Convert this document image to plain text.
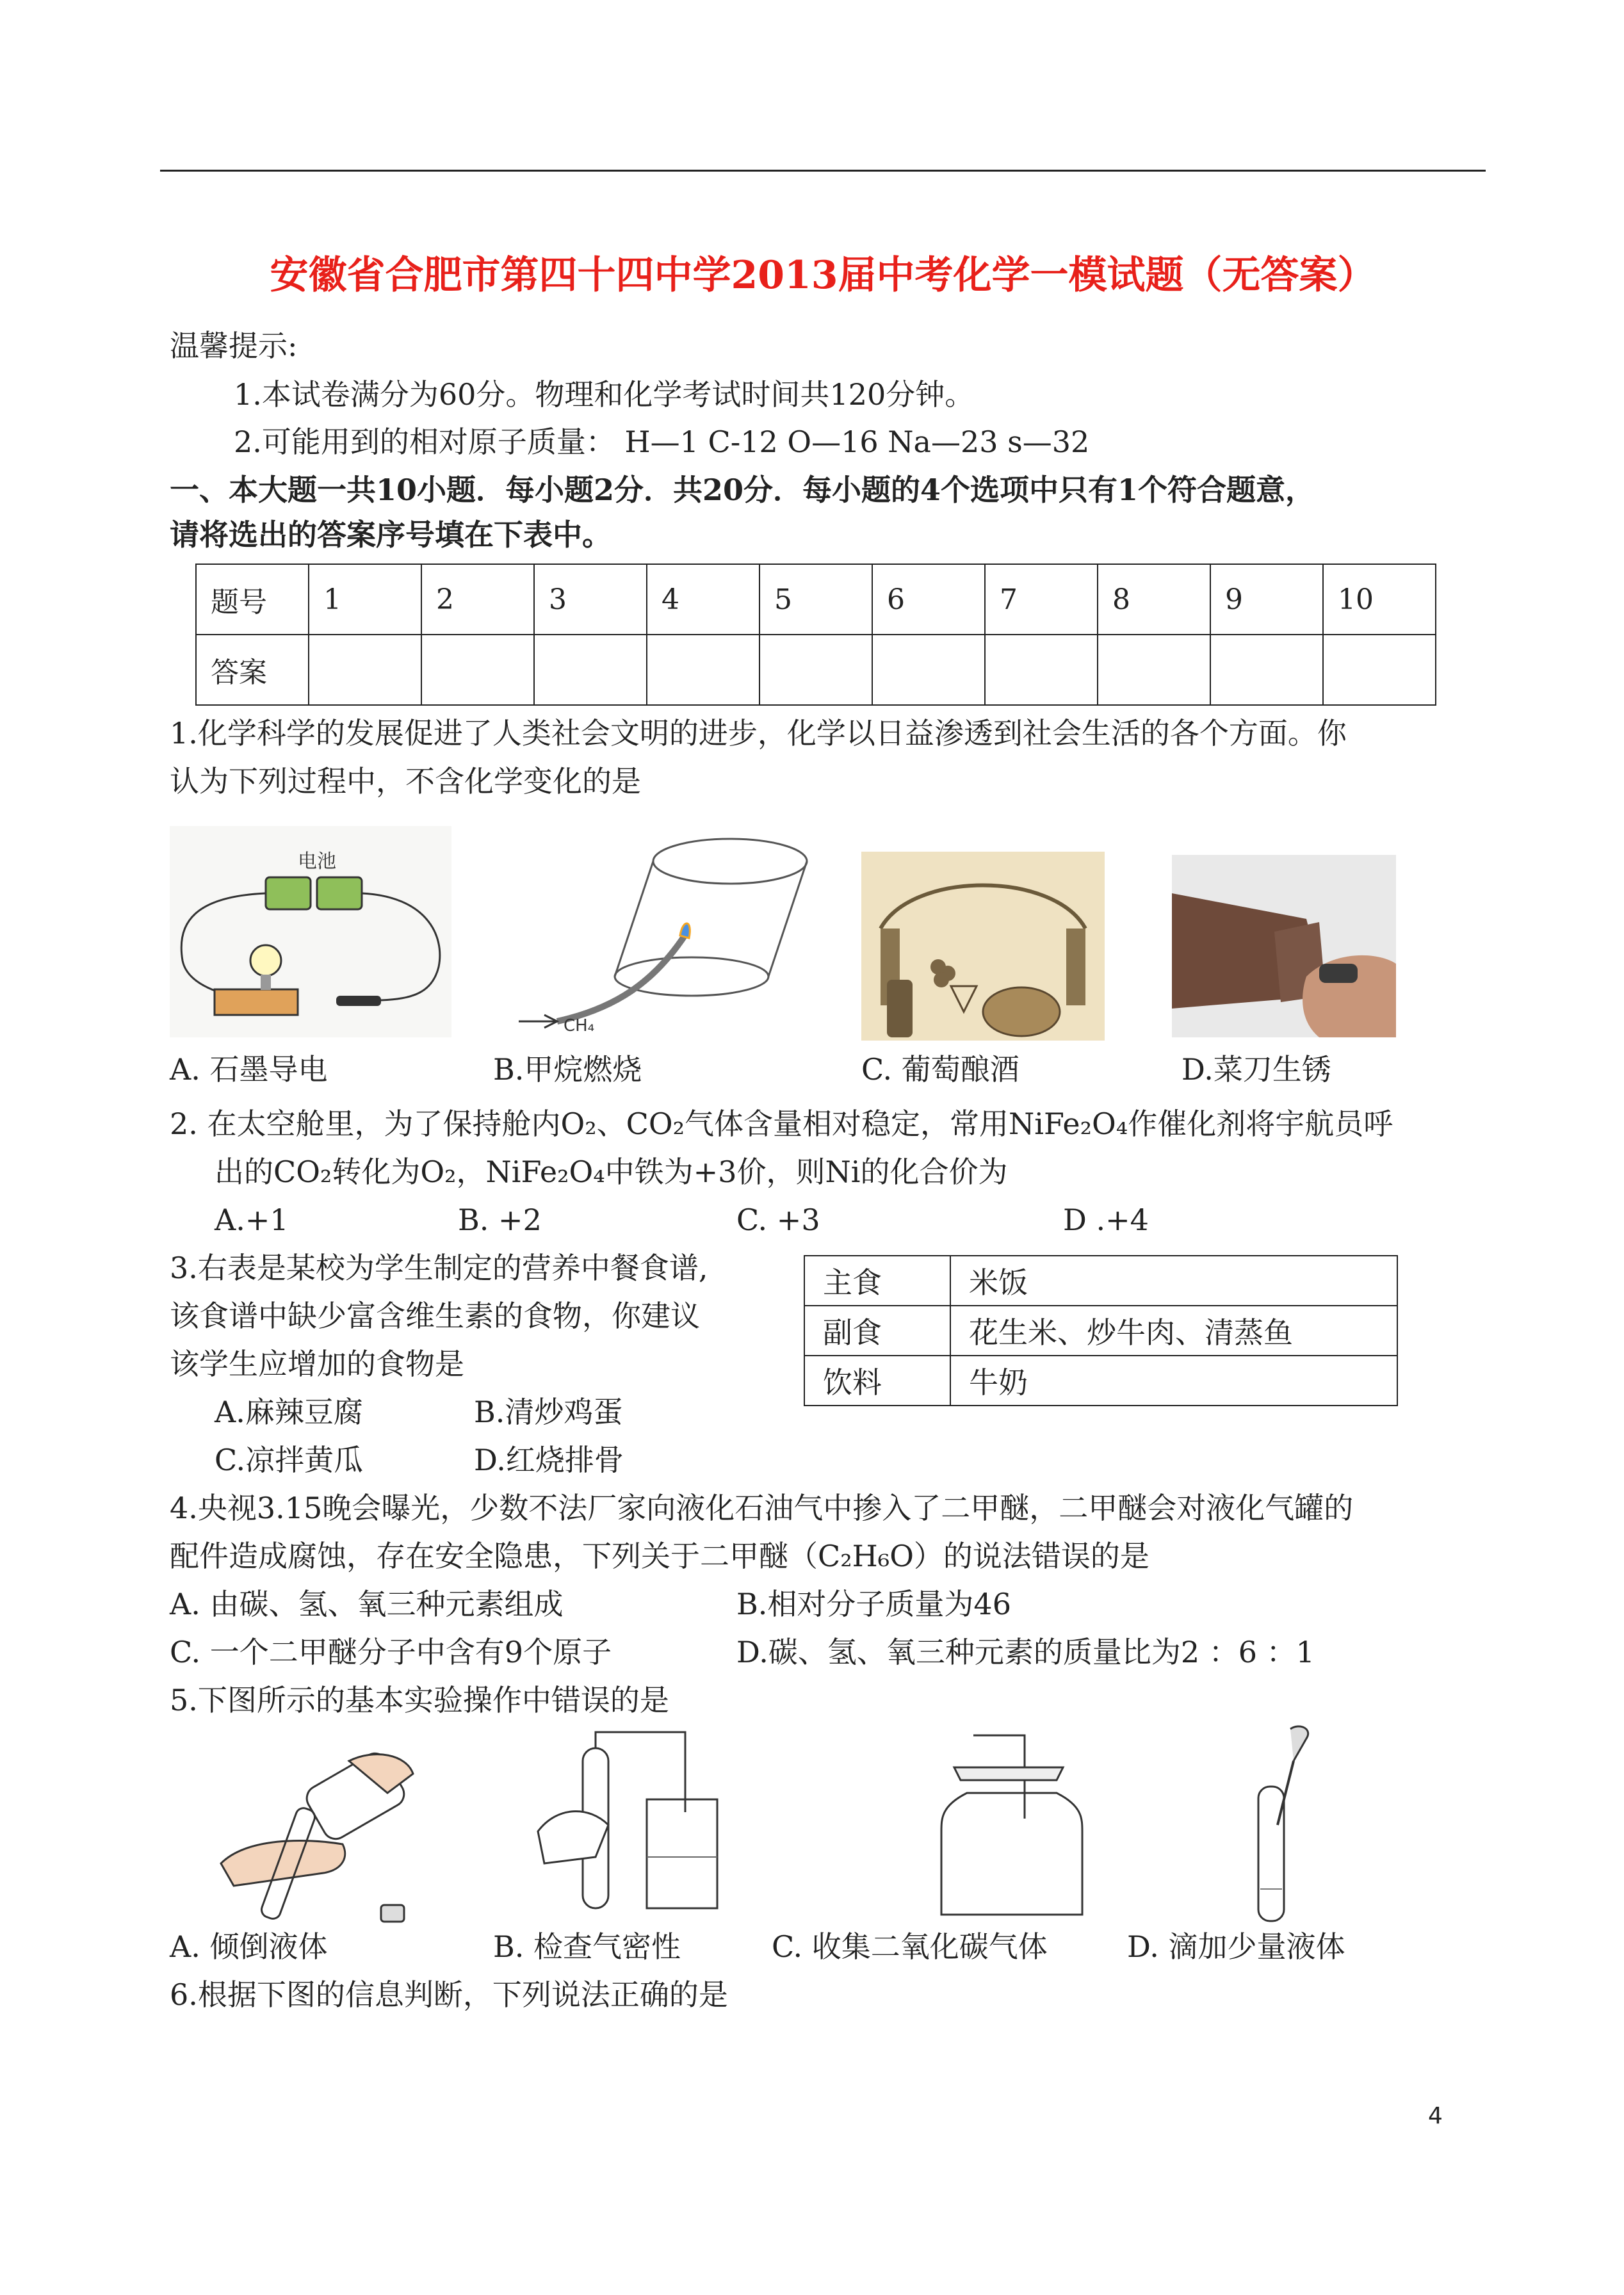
安徽省合肥市第四十四中学2013届中考化学一模试题（无答案）
温馨提示:
1.本试卷满分为60分。物理和化学考试时间共120分钟。
2.可能用到的相对原子质量： H—1 C-12 O—16 Na—23 s—32
一、本大题一共10小题．每小题2分．共20分．每小题的4个选项中只有1个符合题意，
请将选出的答案序号填在下表中。
题号	1	2	3	4	5	6	7	8	9	10
答案										
1.化学科学的发展促进了人类社会文明的进步，化学以日益渗透到社会生活的各个方面。你
认为下列过程中，不含化学变化的是
电池
CH₄
A. 石墨导电	B.甲烷燃烧	C. 葡萄酿酒	D.菜刀生锈
2. 在太空舱里，为了保持舱内O₂、CO₂气体含量相对稳定，常用NiFe₂O₄作催化剂将宇航员呼
出的CO₂转化为O₂，NiFe₂O₄中铁为+3价，则Ni的化合价为
A.+1	B. +2	C. +3	D .+4
3.右表是某校为学生制定的营养中餐食谱,
该食谱中缺少富含维生素的食物，你建议
该学生应增加的食物是
A.麻辣豆腐	B.清炒鸡蛋
C.凉拌黄瓜	D.红烧排骨
主食	米饭
副食	花生米、炒牛肉、清蒸鱼
饮料	牛奶
4.央视3.15晚会曝光，少数不法厂家向液化石油气中掺入了二甲醚，二甲醚会对液化气罐的
配件造成腐蚀，存在安全隐患，下列关于二甲醚（C₂H₆O）的说法错误的是
A. 由碳、氢、氧三种元素组成	B.相对分子质量为46
C. 一个二甲醚分子中含有9个原子	D.碳、氢、氧三种元素的质量比为2 ：6 ：1
5.下图所示的基本实验操作中错误的是
A. 倾倒液体	B. 检查气密性	C. 收集二氧化碳气体	D. 滴加少量液体
6.根据下图的信息判断，下列说法正确的是
4
